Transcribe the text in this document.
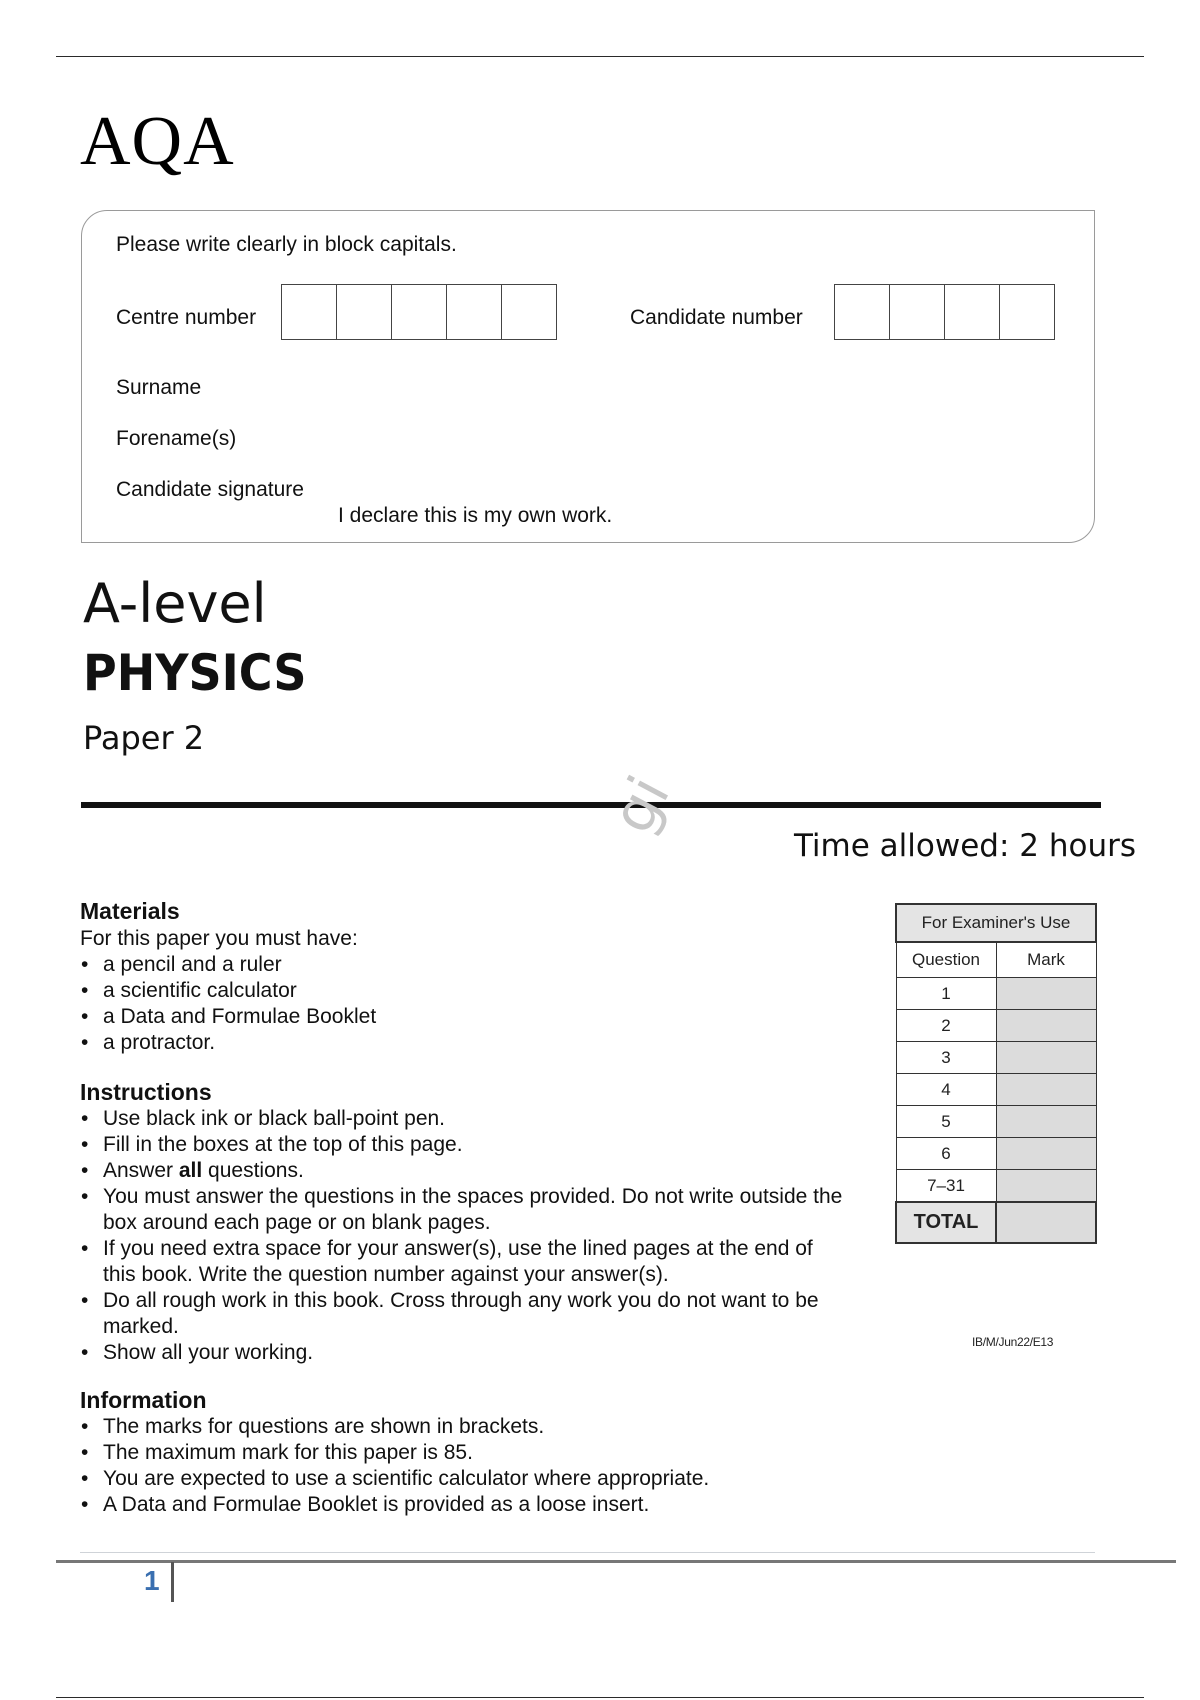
AQA
Please write clearly in block capitals.
Centre number	Candidate number
Surname
Forename(s)
Candidate signature
I declare this is my own work.
A-level
PHYSICS
Paper 2
gi
Time allowed: 2 hours
Materials
For this paper you must have:
• a pencil and a ruler
• a scientific calculator
• a Data and Formulae Booklet
• a protractor.
Instructions
• Use black ink or black ball-point pen.
• Fill in the boxes at the top of this page.
• Answer all questions.
• You must answer the questions in the spaces provided. Do not write outside the box around each page or on blank pages.
• If you need extra space for your answer(s), use the lined pages at the end of this book. Write the question number against your answer(s).
• Do all rough work in this book. Cross through any work you do not want to be marked.
• Show all your working.
Information
• The marks for questions are shown in brackets.
• The maximum mark for this paper is 85.
• You are expected to use a scientific calculator where appropriate.
• A Data and Formulae Booklet is provided as a loose insert.
For Examiner's Use	
Question	Mark
1	
2	
3	
4	
5	
6	
7–31	
TOTAL	
IB/M/Jun22/E13
1
